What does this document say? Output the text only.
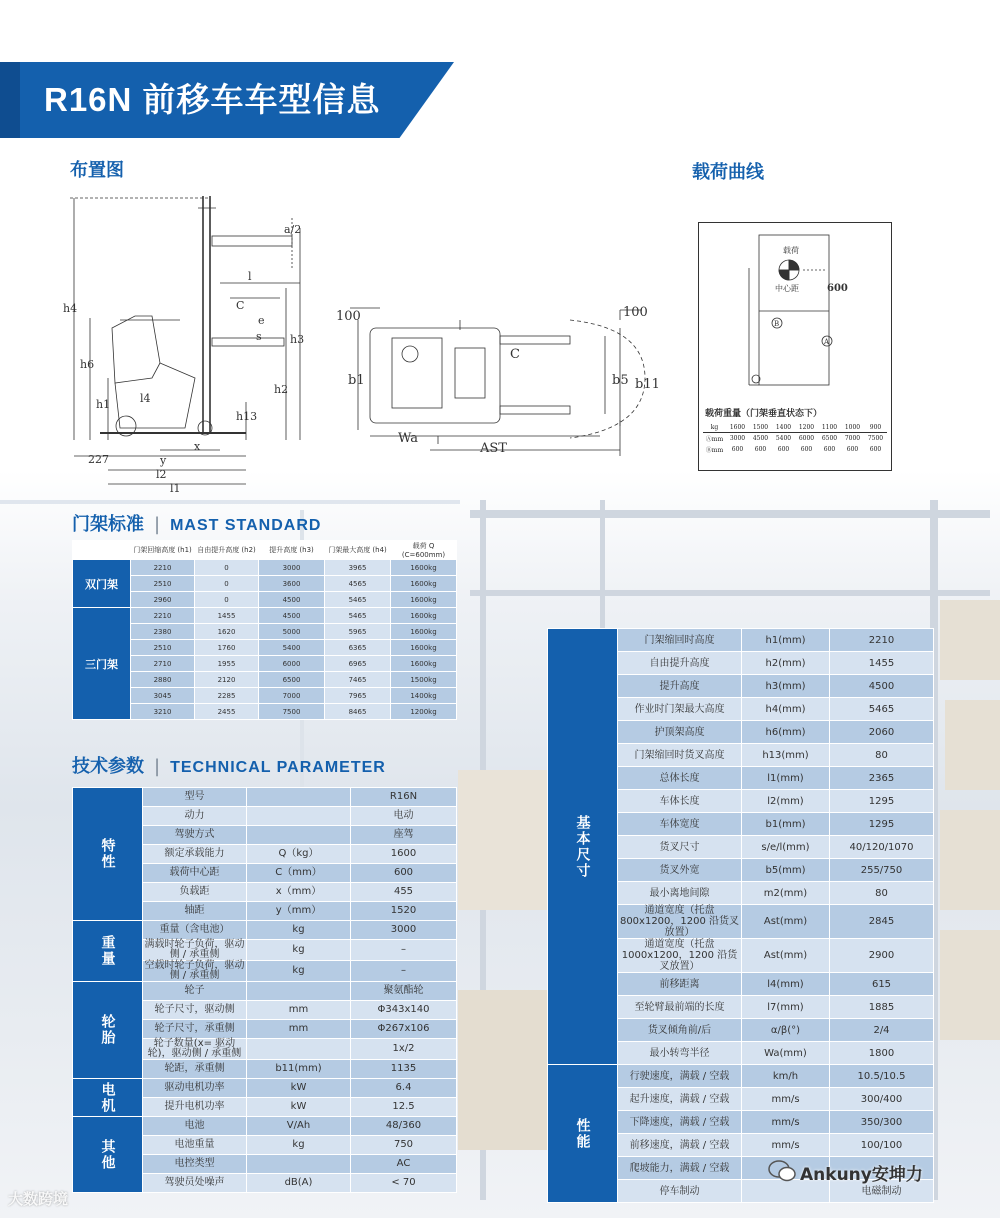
R16N 前移车车型信息
布置图	载荷曲线
h4
h6
h1
h3
h2
h13
l
C
e
s
l4
x
y
l2
l1
227
a/2
100	100
b1	b5 b11
Wa
AST
C
载荷
中心距	600
B
A
载荷重量（门架垂直状态下）
kg	1600	1500	1400	1200	1100	1000	900
Ⓐmm	3000	4500	5400	6000	6500	7000	7500
Ⓑmm	600	600	600	600	600	600	600
门架标准 | MAST STANDARD
	门架回缩高度 (h1)	自由提升高度 (h2)	提升高度 (h3)	门架最大高度 (h4)	载荷 Q (C=600mm)
双门架	2210	0	3000	3965	1600kg
	2510	0	3600	4565	1600kg
	2960	0	4500	5465	1600kg
三门架	2210	1455	4500	5465	1600kg
	2380	1620	5000	5965	1600kg
	2510	1760	5400	6365	1600kg
	2710	1955	6000	6965	1600kg
	2880	2120	6500	7465	1500kg
	3045	2285	7000	7965	1400kg
	3210	2455	7500	8465	1200kg
技术参数 | TECHNICAL PARAMETER
特性	型号		R16N
	动力		电动
	驾驶方式		座驾
	额定承载能力	Q（kg）	1600
	载荷中心距	C（mm）	600
	负载距	x（mm）	455
	轴距	y（mm）	1520
重量	重量（含电池）	kg	3000
	满载时轮子负荷，驱动侧 / 承重侧	kg	–
	空载时轮子负荷，驱动侧 / 承重侧	kg	–
轮胎	轮子		聚氨酯轮
	轮子尺寸，驱动侧	mm	Φ343x140
	轮子尺寸，承重侧	mm	Φ267x106
	轮子数量(x= 驱动轮)，驱动侧 / 承重侧		1x/2
	轮距，承重侧	b11(mm)	1135
电机	驱动电机功率	kW	6.4
	提升电机功率	kW	12.5
其他	电池	V/Ah	48/360
	电池重量	kg	750
	电控类型		AC
	驾驶员处噪声	dB(A)	< 70
基本尺寸	门架缩回时高度	h1(mm)	2210
	自由提升高度	h2(mm)	1455
	提升高度	h3(mm)	4500
	作业时门架最大高度	h4(mm)	5465
	护顶架高度	h6(mm)	2060
	门架缩回时货叉高度	h13(mm)	80
	总体长度	l1(mm)	2365
	车体长度	l2(mm)	1295
	车体宽度	b1(mm)	1295
	货叉尺寸	s/e/l(mm)	40/120/1070
	货叉外宽	b5(mm)	255/750
	最小离地间隙	m2(mm)	80
	通道宽度（托盘 800x1200，1200 沿货叉放置）	Ast(mm)	2845
	通道宽度（托盘 1000x1200，1200 沿货叉放置）	Ast(mm)	2900
	前移距离	l4(mm)	615
	至轮臂最前端的长度	l7(mm)	1885
	货叉倾角前/后	α/β(°)	2/4
	最小转弯半径	Wa(mm)	1800
性能	行驶速度，满载 / 空载	km/h	10.5/10.5
	起升速度，满载 / 空载	mm/s	300/400
	下降速度，满载 / 空载	mm/s	350/300
	前移速度，满载 / 空载	mm/s	100/100
	爬坡能力，满载 / 空载		
	停车制动		电磁制动
大数跨境
Ankuny安坤力
